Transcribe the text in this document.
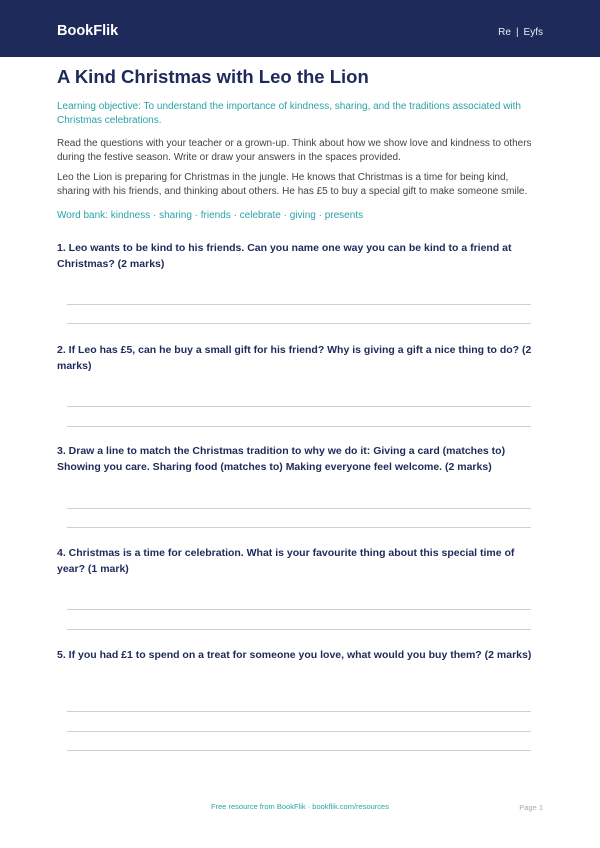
BookFlik	Re | Eyfs
A Kind Christmas with Leo the Lion

Learning objective: To understand the importance of kindness, sharing, and the traditions associated with Christmas celebrations.

Read the questions with your teacher or a grown-up. Think about how we show love and kindness to others during the festive season. Write or draw your answers in the spaces provided.

Leo the Lion is preparing for Christmas in the jungle. He knows that Christmas is a time for being kind, sharing with his friends, and thinking about others. He has £5 to buy a special gift to make someone smile.

Word bank: kindness · sharing · friends · celebrate · giving · presents

1. Leo wants to be kind to his friends. Can you name one way you can be kind to a friend at Christmas? (2 marks)

2. If Leo has £5, can he buy a small gift for his friend? Why is giving a gift a nice thing to do? (2 marks)

3. Draw a line to match the Christmas tradition to why we do it: Giving a card (matches to) Showing you care. Sharing food (matches to) Making everyone feel welcome. (2 marks)

4. Christmas is a time for celebration. What is your favourite thing about this special time of year? (1 mark)

5. If you had £1 to spend on a treat for someone you love, what would you buy them? (2 marks)

Free resource from BookFlik · bookflik.com/resources	Page 1
